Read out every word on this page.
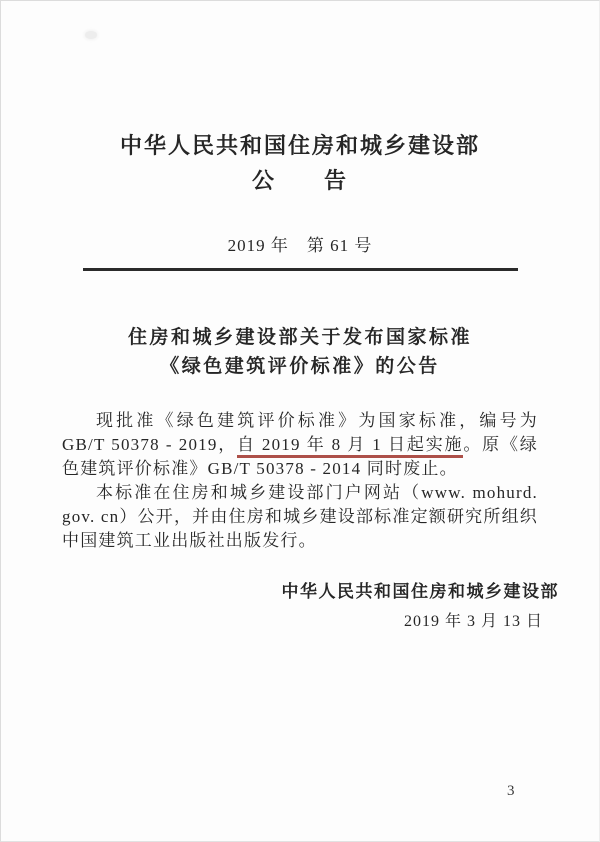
中华人民共和国住房和城乡建设部
公　　告
2019 年　第 61 号
住房和城乡建设部关于发布国家标准
《绿色建筑评价标准》的公告

现批准《绿色建筑评价标准》为国家标准，编号为 GB/T 50378 - 2019，自 2019 年 8 月 1 日起实施。原《绿色建筑评价标准》GB/T 50378 - 2014 同时废止。

本标准在住房和城乡建设部门户网站（www. mohurd. gov. cn）公开，并由住房和城乡建设部标准定额研究所组织中国建筑工业出版社出版发行。

中华人民共和国住房和城乡建设部
2019 年 3 月 13 日
3
